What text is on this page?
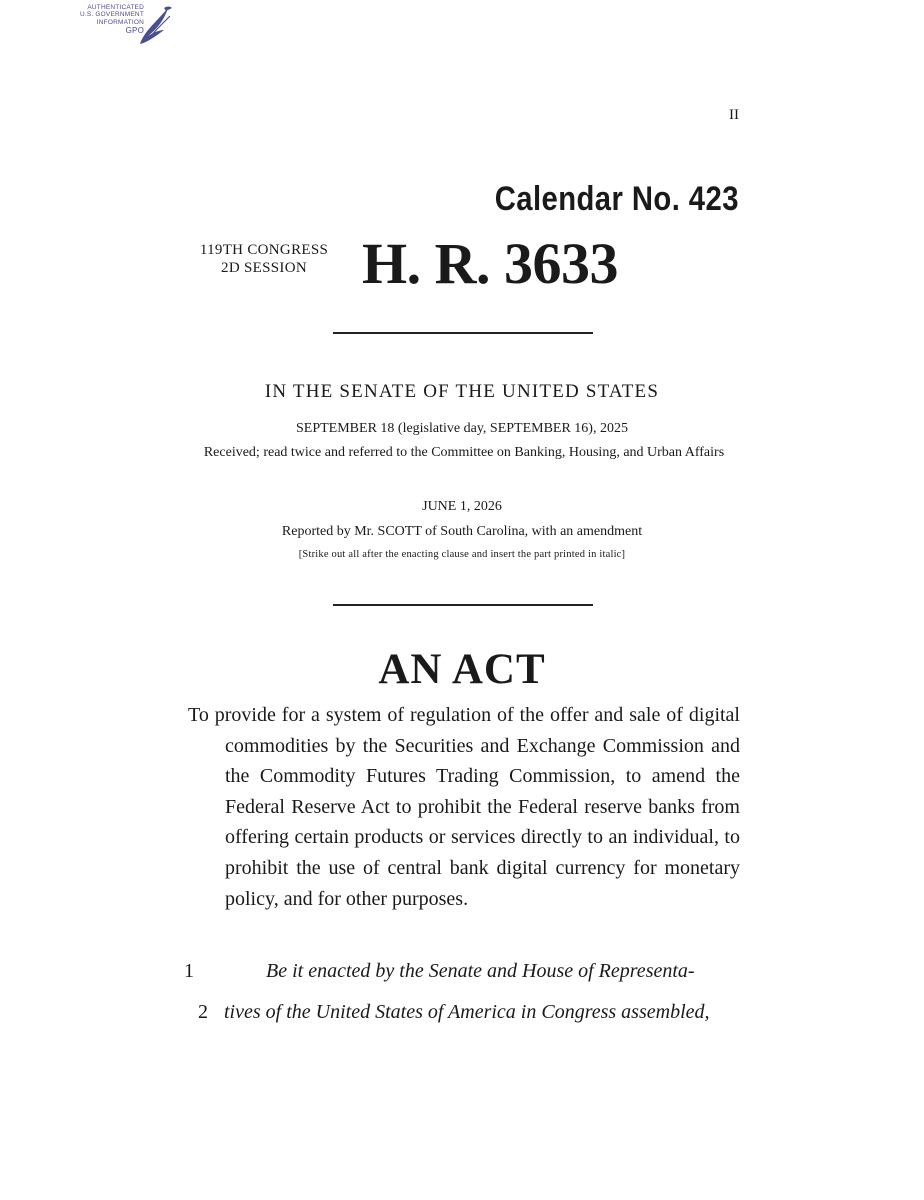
AUTHENTICATED
U.S. GOVERNMENT
INFORMATION
GPO
II
Calendar No. 423
119TH CONGRESS
2D SESSION H. R. 3633
IN THE SENATE OF THE UNITED STATES
SEPTEMBER 18 (legislative day, SEPTEMBER 16), 2025
Received; read twice and referred to the Committee on Banking, Housing, and Urban Affairs
JUNE 1, 2026
Reported by Mr. SCOTT of South Carolina, with an amendment
[Strike out all after the enacting clause and insert the part printed in italic]
AN ACT
To provide for a system of regulation of the offer and sale of digital commodities by the Securities and Exchange Commission and the Commodity Futures Trading Commission, to amend the Federal Reserve Act to prohibit the Federal reserve banks from offering certain products or services directly to an individual, to prohibit the use of central bank digital currency for monetary policy, and for other purposes.
1	Be it enacted by the Senate and House of Representa-
2 tives of the United States of America in Congress assembled,
